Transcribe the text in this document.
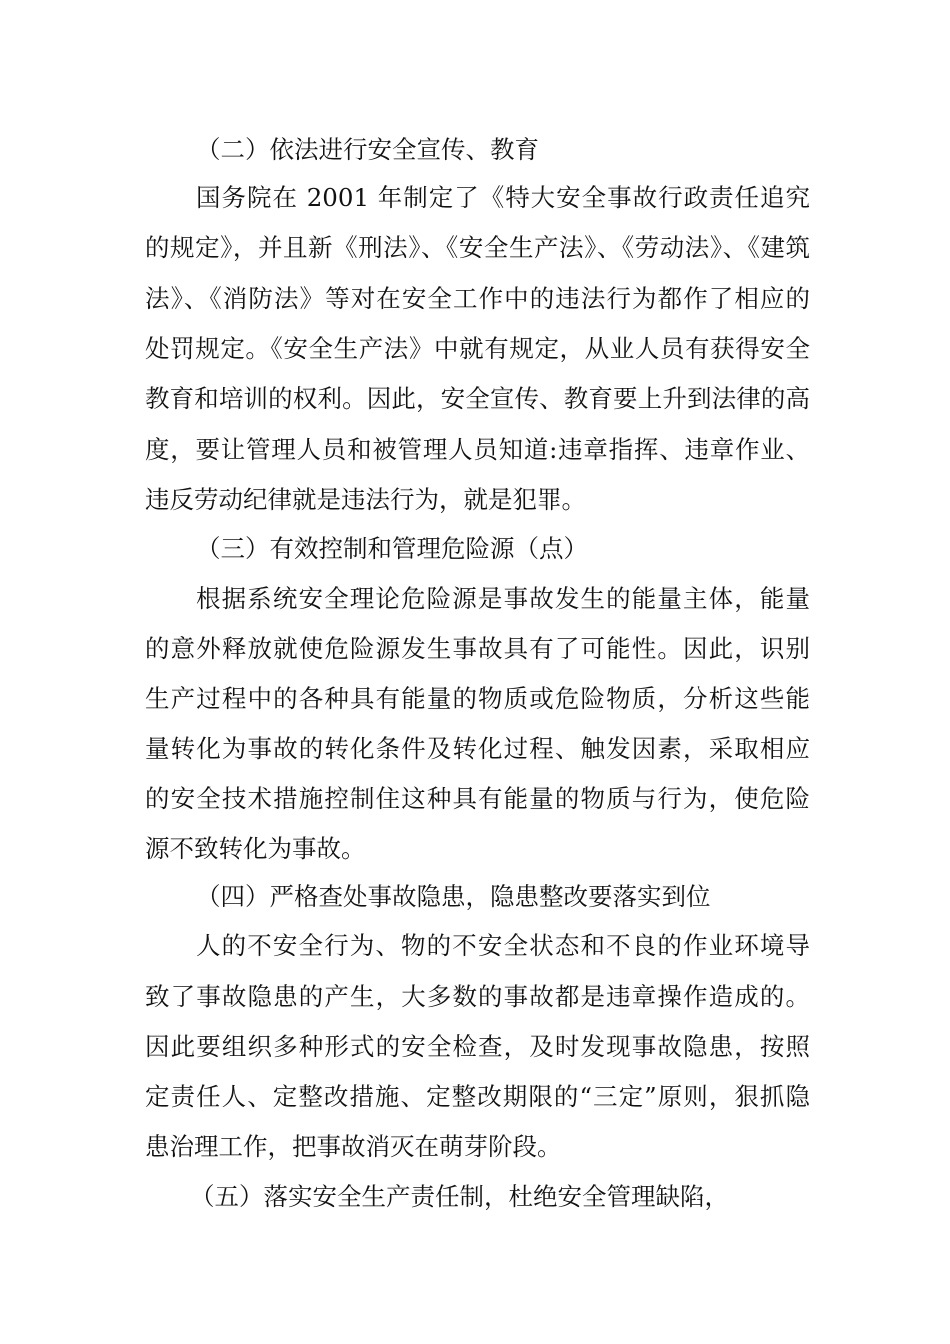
（二）依法进行安全宣传、教育
国务院在 2001 年制定了《特大安全事故行政责任追究
的规定》，并且新《刑法》、《安全生产法》、《劳动法》、《建筑
法》、《消防法》等对在安全工作中的违法行为都作了相应的
处罚规定。《安全生产法》中就有规定，从业人员有获得安全
教育和培训的权利。因此，安全宣传、教育要上升到法律的高
度，要让管理人员和被管理人员知道:违章指挥、违章作业、
违反劳动纪律就是违法行为，就是犯罪。
（三）有效控制和管理危险源（点）
根据系统安全理论危险源是事故发生的能量主体，能量
的意外释放就使危险源发生事故具有了可能性。因此，识别
生产过程中的各种具有能量的物质或危险物质，分析这些能
量转化为事故的转化条件及转化过程、触发因素，采取相应
的安全技术措施控制住这种具有能量的物质与行为，使危险
源不致转化为事故。
（四）严格查处事故隐患，隐患整改要落实到位
人的不安全行为、物的不安全状态和不良的作业环境导
致了事故隐患的产生，大多数的事故都是违章操作造成的。
因此要组织多种形式的安全检查，及时发现事故隐患，按照
定责任人、定整改措施、定整改期限的“三定”原则，狠抓隐
患治理工作，把事故消灭在萌芽阶段。
（五）落实安全生产责任制，杜绝安全管理缺陷，
